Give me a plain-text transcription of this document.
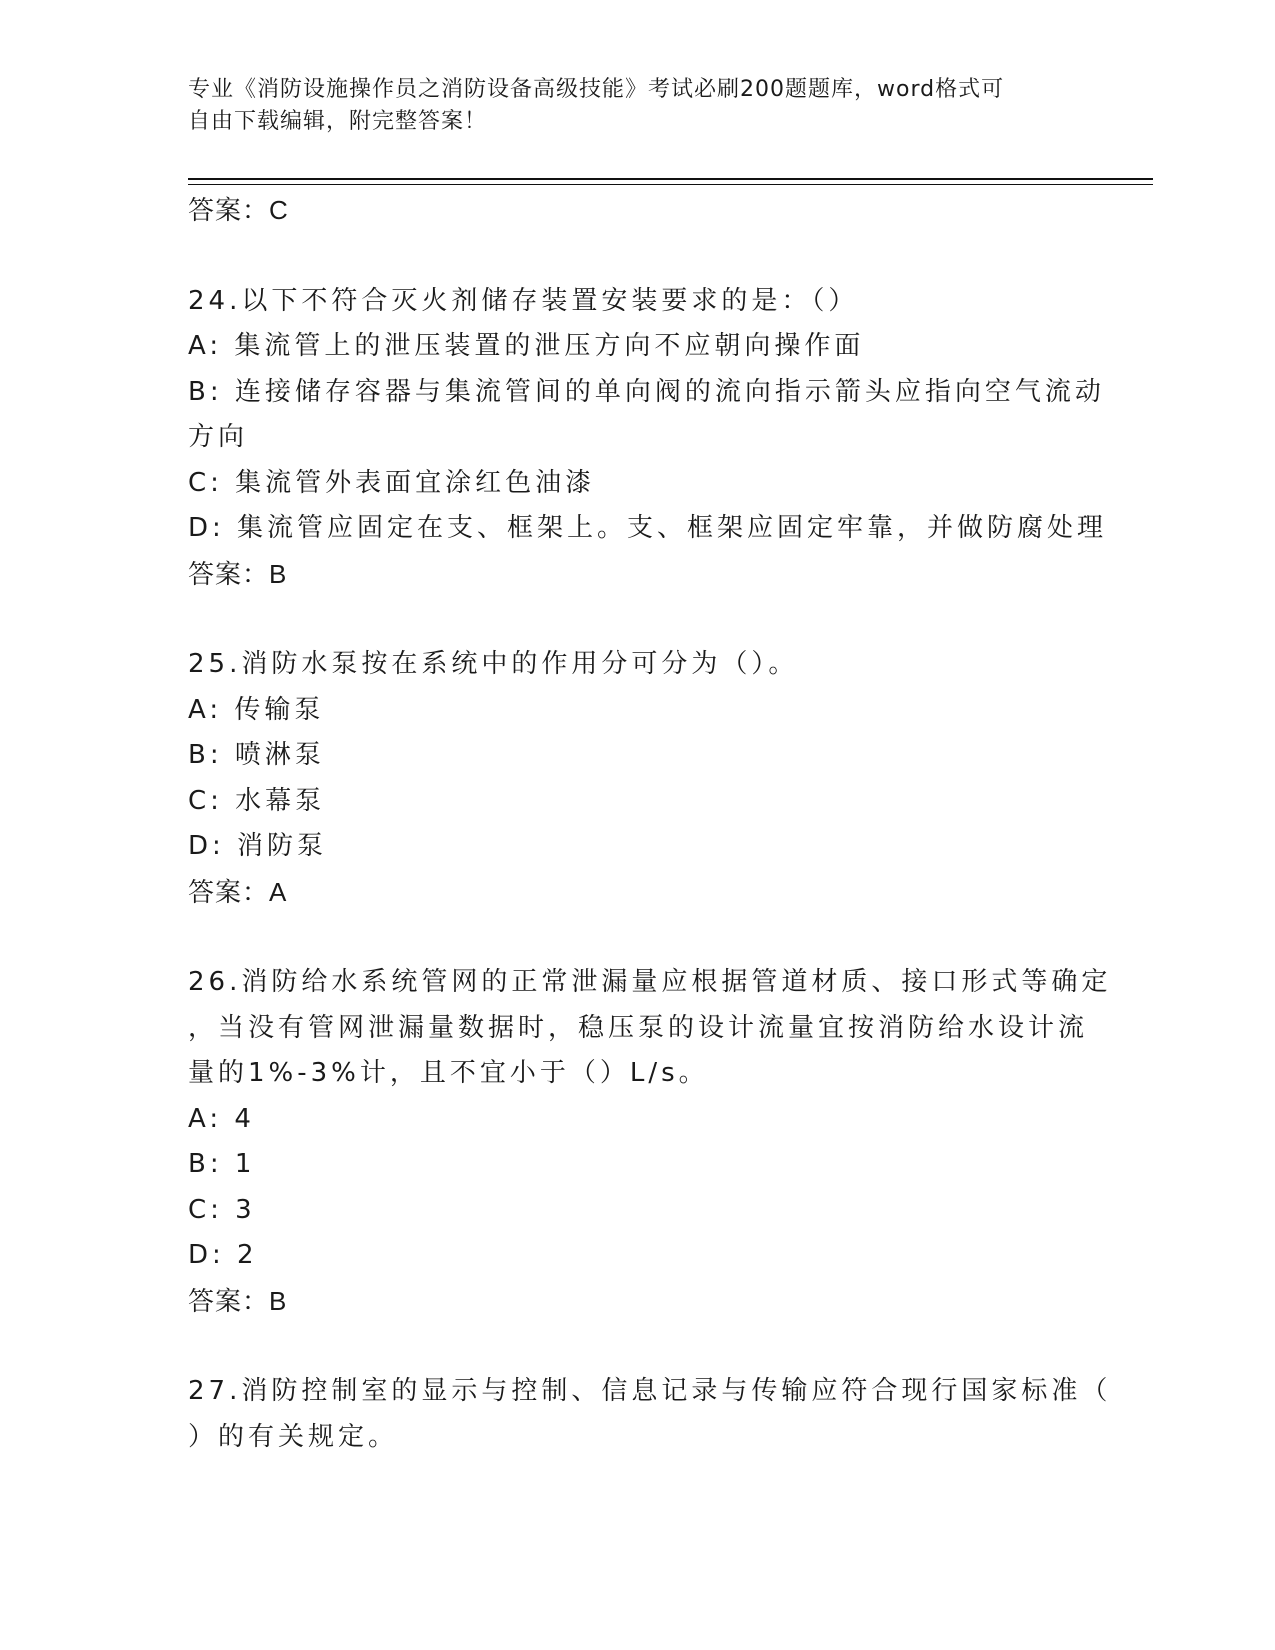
专业《消防设施操作员之消防设备高级技能》考试必刷200题题库，word格式可
自由下载编辑，附完整答案！
答案：C
24.以下不符合灭火剂储存装置安装要求的是：（）
A: 集流管上的泄压装置的泄压方向不应朝向操作面
B: 连接储存容器与集流管间的单向阀的流向指示箭头应指向空气流动
方向
C: 集流管外表面宜涂红色油漆
D: 集流管应固定在支、框架上。支、框架应固定牢靠，并做防腐处理
答案：B
25.消防水泵按在系统中的作用分可分为（）。
A: 传输泵
B: 喷淋泵
C: 水幕泵
D: 消防泵
答案：A
26.消防给水系统管网的正常泄漏量应根据管道材质、接口形式等确定
，当没有管网泄漏量数据时，稳压泵的设计流量宜按消防给水设计流
量的1%-3%计，且不宜小于（）L/s。
A: 4
B: 1
C: 3
D: 2
答案：B
27.消防控制室的显示与控制、信息记录与传输应符合现行国家标准（
）的有关规定。
